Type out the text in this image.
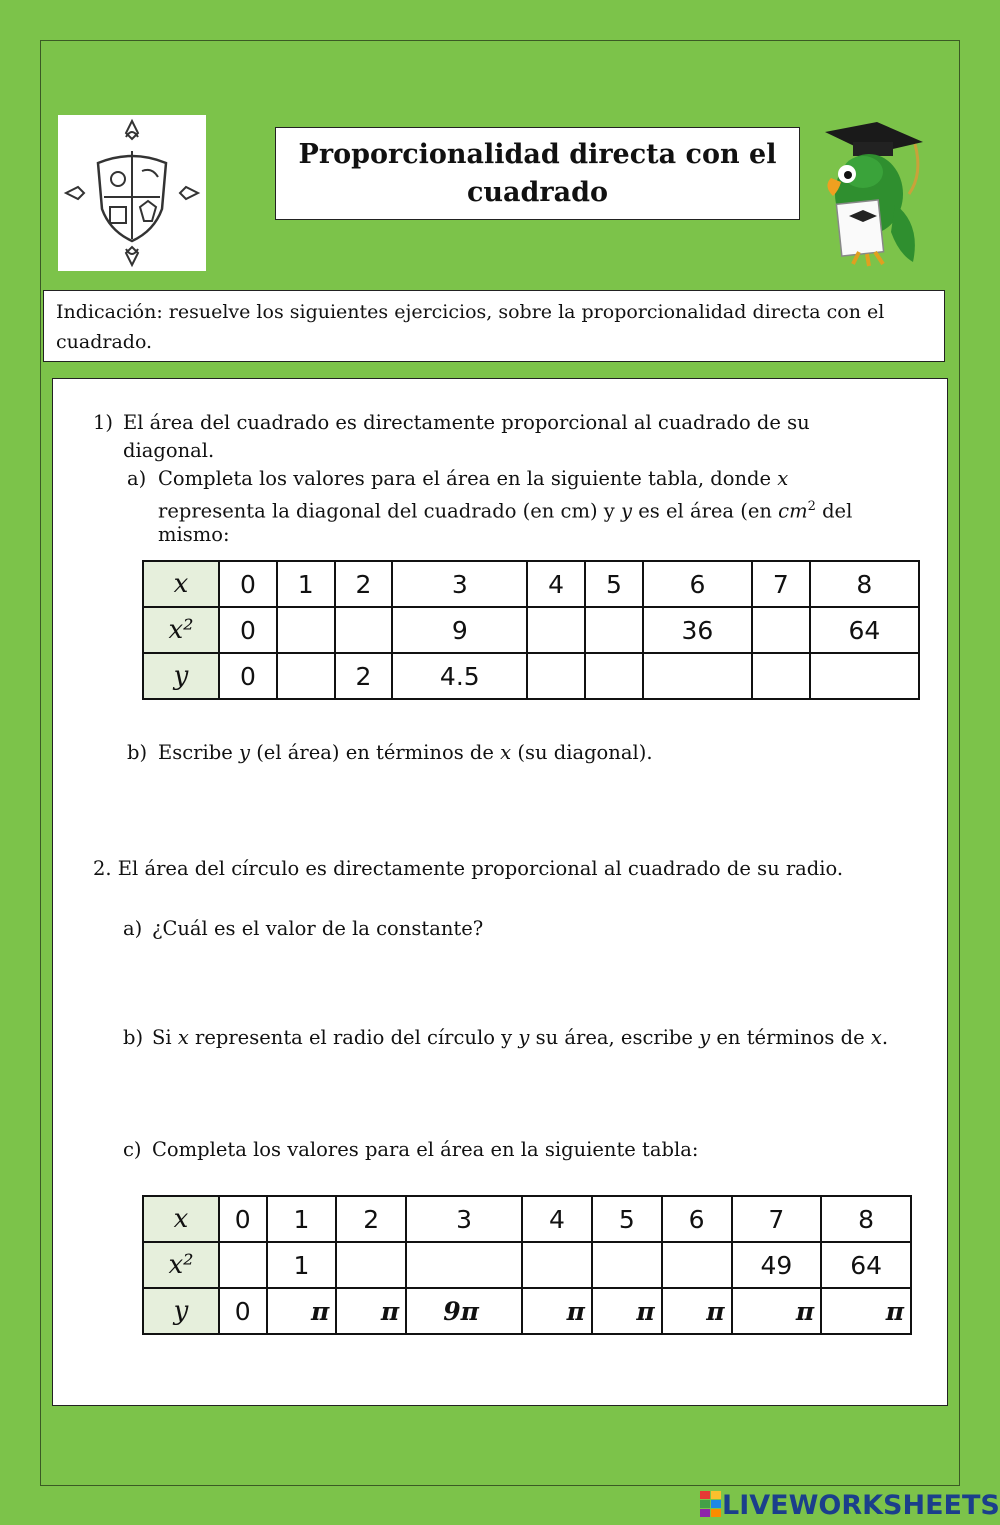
Proporcionalidad directa con el cuadrado
Indicación: resuelve los siguientes ejercicios, sobre la proporcionalidad directa con el cuadrado.
1) El área del cuadrado es directamente proporcional al cuadrado de su
diagonal.
a) Completa los valores para el área en la siguiente tabla, donde x
representa la diagonal del cuadrado (en cm) y y es el área (en $cm^2$ del
mismo:
x	0	1	2	3	4	5	6	7	8
x²	0			9			36		64
y	0		2	4.5					
b) Escribe y (el área) en términos de x (su diagonal).
2. El área del círculo es directamente proporcional al cuadrado de su radio.
a) ¿Cuál es el valor de la constante?
b) Si x representa el radio del círculo y y su área, escribe y en términos de x.
c) Completa los valores para el área en la siguiente tabla:
x	0	1	2	3	4	5	6	7	8
x²		1						49	64
y	0	π	π	9π	π	π	π	π	π
LIVEWORKSHEETS
